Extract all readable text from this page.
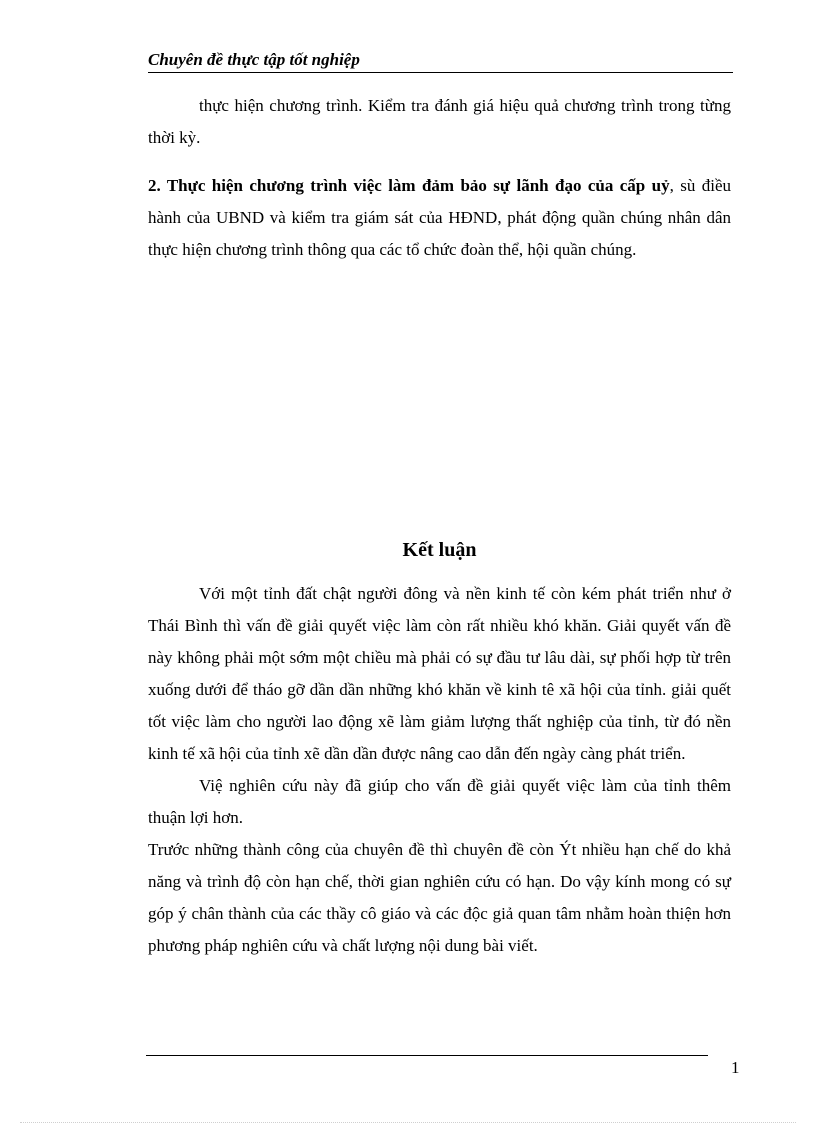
Chuyên đề thực tập tốt nghiệp

thực hiện chương trình. Kiểm tra đánh giá hiệu quả chương trình trong từng thời kỳ.

2. Thực hiện chương trình việc làm đảm bảo sự lãnh đạo của cấp uỷ, sù điều hành của UBND và kiểm tra giám sát của HĐND, phát động quần chúng nhân dân thực hiện chương trình thông qua các tổ chức đoàn thể, hội quần chúng.

Kết luận

Với một tỉnh đất chật người đông và nền kinh tế còn kém phát triển như ở Thái Bình thì vấn đề giải quyết việc làm còn rất nhiều khó khăn. Giải quyết vấn đề này không phải một sớm một chiều mà phải có sự đầu tư lâu dài, sự phối hợp từ trên xuống dưới để tháo gỡ dần dần những khó khăn về kinh tê xã hội của tỉnh. giải quết tốt việc làm cho người lao động xẽ làm giảm lượng thất nghiệp của tỉnh, từ đó nền kinh tế xã hội của tỉnh xẽ dần dần được nâng cao dẫn đến ngày càng phát triển.

Việ nghiên cứu này đã giúp cho vấn đề giải quyết việc làm của tỉnh thêm thuận lợi hơn.

Trước những thành công của chuyên đề thì chuyên đề còn Ýt nhiều hạn chế do khả năng và trình độ còn hạn chế, thời gian nghiên cứu có hạn. Do vậy kính mong có sự góp ý chân thành của các thầy cô giáo và các độc giả quan tâm nhằm hoàn thiện hơn phương pháp nghiên cứu và chất lượng nội dung bài viết.

1
